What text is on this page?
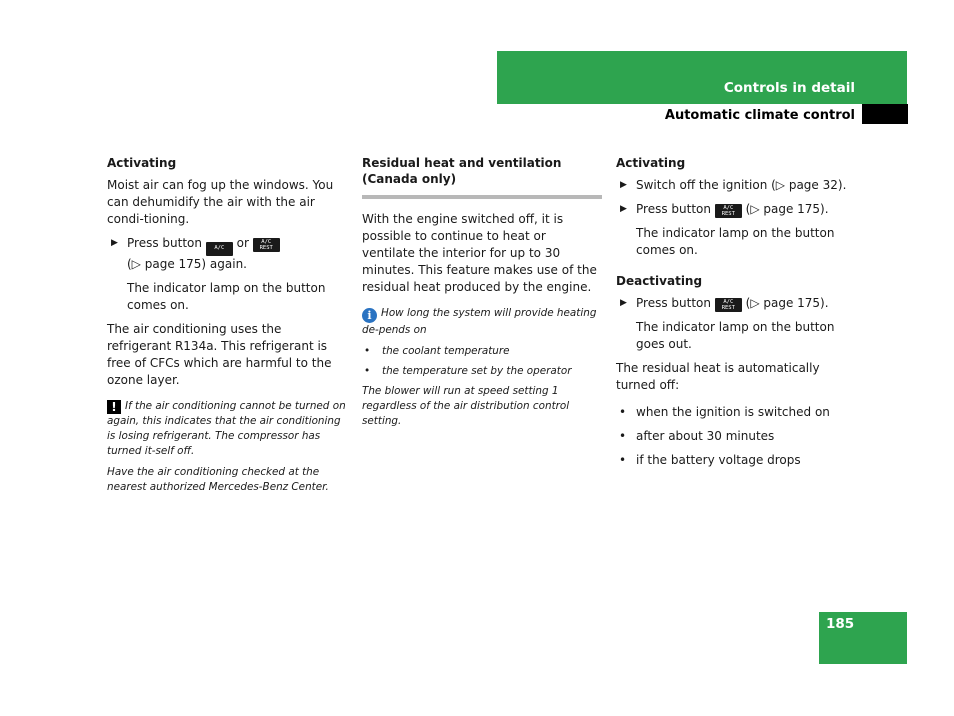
Controls in detail
Automatic climate control
Activating
Moist air can fog up the windows. You can dehumidify the air with the air condi-tioning.
▶ Press button A/C or A/C
REST
(▷ page 175) again.
The indicator lamp on the button comes on.
The air conditioning uses the refrigerant R134a. This refrigerant is free of CFCs which are harmful to the ozone layer.
! If the air conditioning cannot be turned on again, this indicates that the air conditioning is losing refrigerant. The compressor has turned it-self off.
Have the air conditioning checked at the nearest authorized Mercedes-Benz Center.
Residual heat and ventilation
(Canada only)
With the engine switched off, it is possible to continue to heat or ventilate the interior for up to 30 minutes. This feature makes use of the residual heat produced by the engine.
i How long the system will provide heating de-pends on
• the coolant temperature
• the temperature set by the operator
The blower will run at speed setting 1 regardless of the air distribution control setting.
Activating
▶ Switch off the ignition (▷ page 32).
▶ Press button A/C
REST (▷ page 175).
The indicator lamp on the button comes on.
Deactivating
▶ Press button A/C
REST (▷ page 175).
The indicator lamp on the button goes out.
The residual heat is automatically turned off:
• when the ignition is switched on
• after about 30 minutes
• if the battery voltage drops
185
